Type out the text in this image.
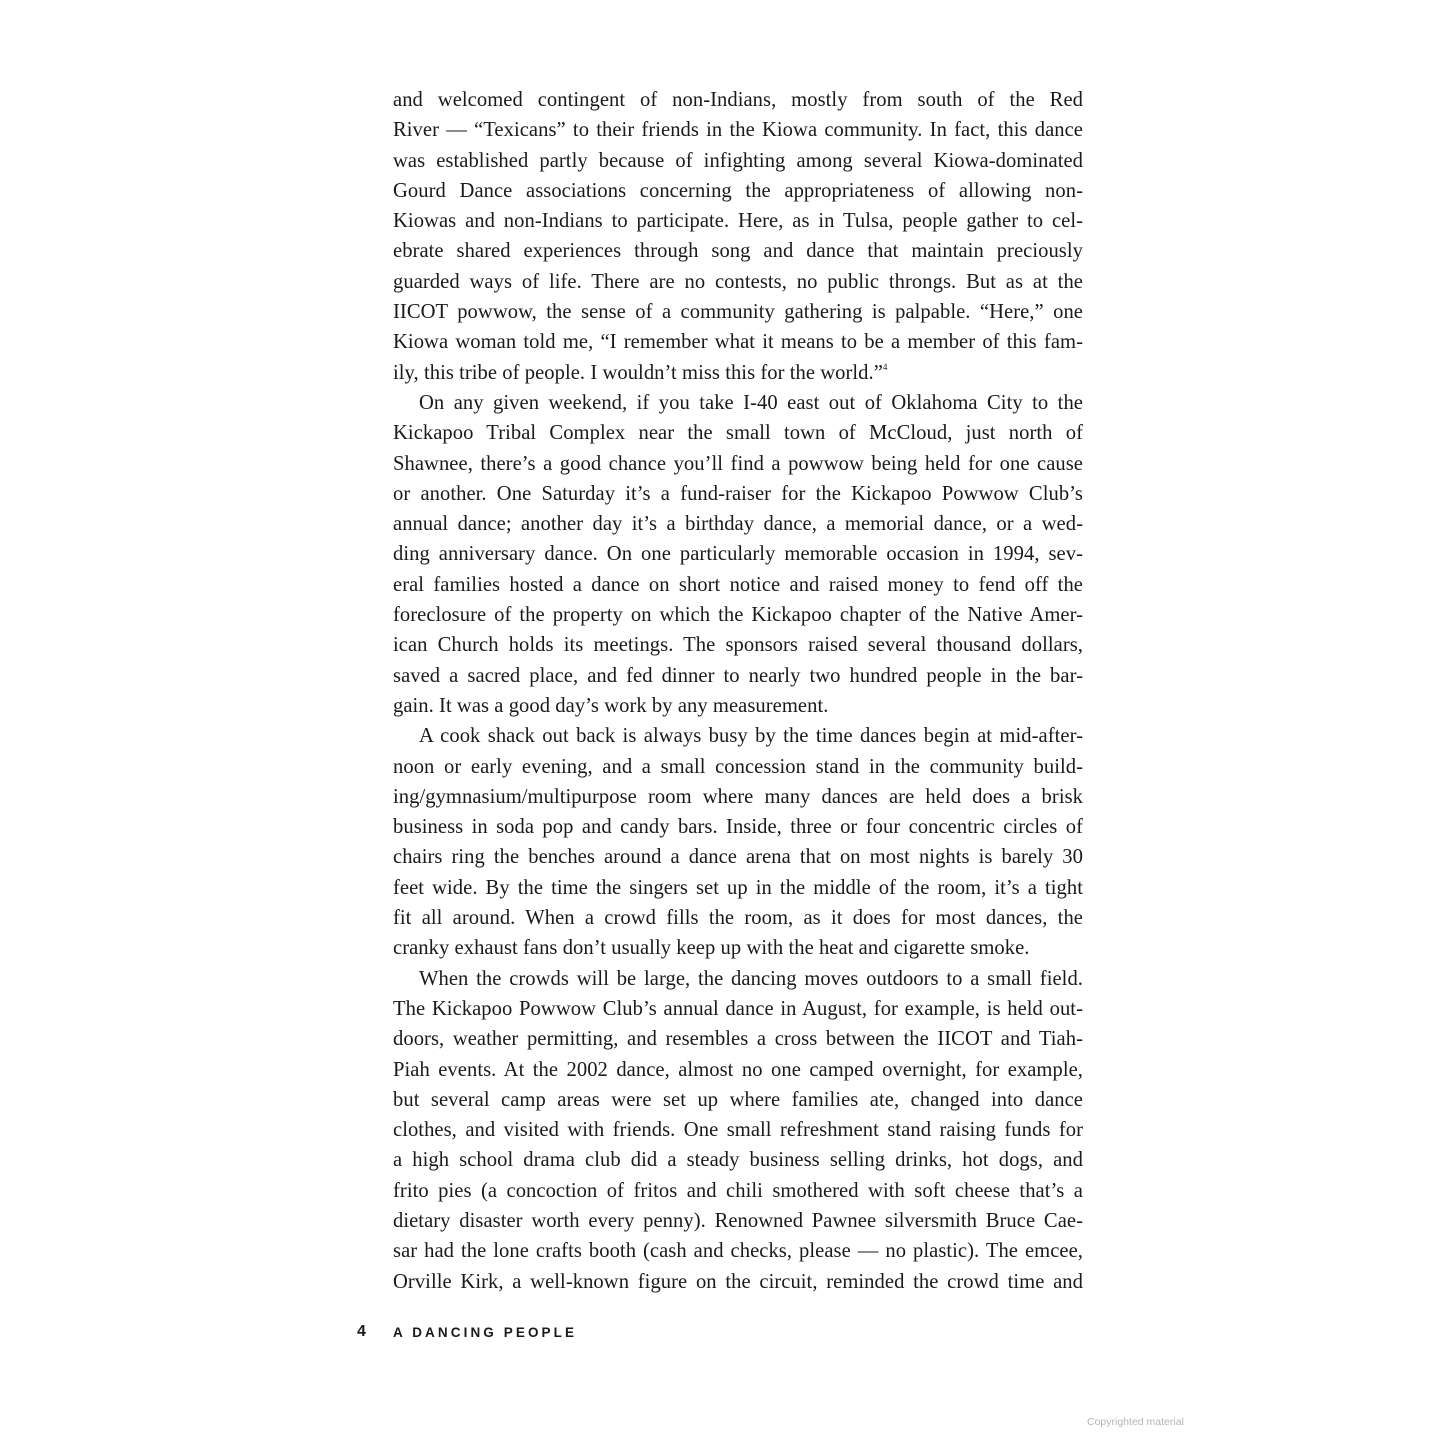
and welcomed contingent of non-Indians, mostly from south of the Red
River — “Texicans” to their friends in the Kiowa community. In fact, this dance
was established partly because of infighting among several Kiowa-dominated
Gourd Dance associations concerning the appropriateness of allowing non-
Kiowas and non-Indians to participate. Here, as in Tulsa, people gather to cel-
ebrate shared experiences through song and dance that maintain preciously
guarded ways of life. There are no contests, no public throngs. But as at the
IICOT powwow, the sense of a community gathering is palpable. “Here,” one
Kiowa woman told me, “I remember what it means to be a member of this fam-
ily, this tribe of people. I wouldn’t miss this for the world.”$^4$

On any given weekend, if you take I-40 east out of Oklahoma City to the
Kickapoo Tribal Complex near the small town of McCloud, just north of
Shawnee, there’s a good chance you’ll find a powwow being held for one cause
or another. One Saturday it’s a fund-raiser for the Kickapoo Powwow Club’s
annual dance; another day it’s a birthday dance, a memorial dance, or a wed-
ding anniversary dance. On one particularly memorable occasion in 1994, sev-
eral families hosted a dance on short notice and raised money to fend off the
foreclosure of the property on which the Kickapoo chapter of the Native Amer-
ican Church holds its meetings. The sponsors raised several thousand dollars,
saved a sacred place, and fed dinner to nearly two hundred people in the bar-
gain. It was a good day’s work by any measurement.

A cook shack out back is always busy by the time dances begin at mid-after-
noon or early evening, and a small concession stand in the community build-
ing/gymnasium/multipurpose room where many dances are held does a brisk
business in soda pop and candy bars. Inside, three or four concentric circles of
chairs ring the benches around a dance arena that on most nights is barely 30
feet wide. By the time the singers set up in the middle of the room, it’s a tight
fit all around. When a crowd fills the room, as it does for most dances, the
cranky exhaust fans don’t usually keep up with the heat and cigarette smoke.

When the crowds will be large, the dancing moves outdoors to a small field.
The Kickapoo Powwow Club’s annual dance in August, for example, is held out-
doors, weather permitting, and resembles a cross between the IICOT and Tiah-
Piah events. At the 2002 dance, almost no one camped overnight, for example,
but several camp areas were set up where families ate, changed into dance
clothes, and visited with friends. One small refreshment stand raising funds for
a high school drama club did a steady business selling drinks, hot dogs, and
frito pies (a concoction of fritos and chili smothered with soft cheese that’s a
dietary disaster worth every penny). Renowned Pawnee silversmith Bruce Cae-
sar had the lone crafts booth (cash and checks, please — no plastic). The emcee,
Orville Kirk, a well-known figure on the circuit, reminded the crowd time and

4	A DANCING PEOPLE
Copyrighted material
